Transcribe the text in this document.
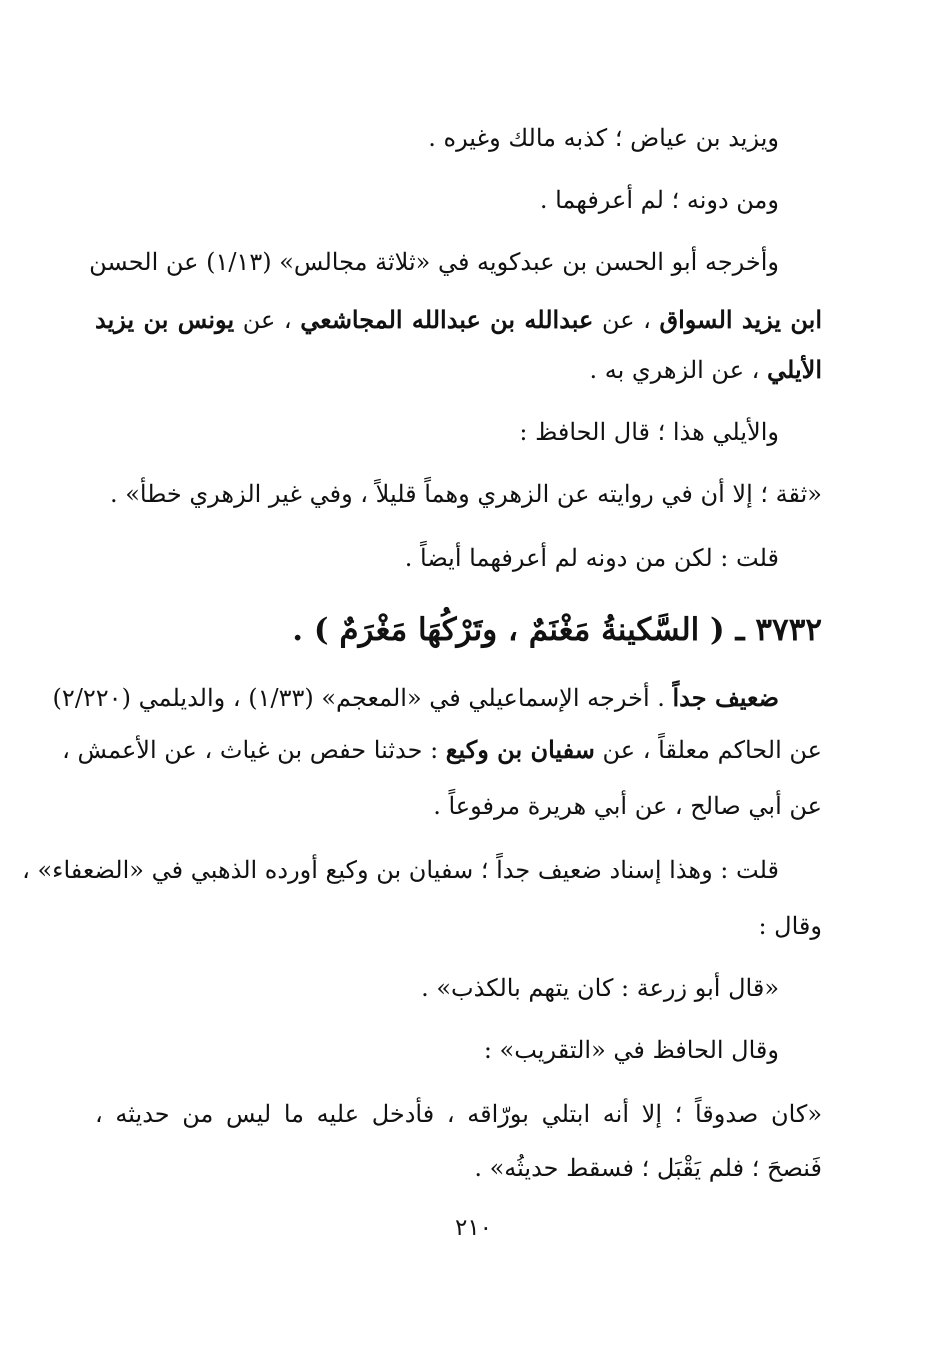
ويزيد بن عياض ؛ كذبه مالك وغيره .
ومن دونه ؛ لم أعرفهما .
وأخرجه أبو الحسن بن عبدكويه في «ثلاثة مجالس» (١/١٣) عن الحسن
ابن يزيد السواق ، عن عبدالله بن عبدالله المجاشعي ، عن يونس بن يزيد
الأيلي ، عن الزهري به .
والأيلي هذا ؛ قال الحافظ :
«ثقة ؛ إلا أن في روايته عن الزهري وهماً قليلاً ، وفي غير الزهري خطأ» .
قلت : لكن من دونه لم أعرفهما أيضاً .
٣٧٣٢ ـ ( السَّكينةُ مَغْنَمٌ ، وتَرْكُهَا مَغْرَمٌ ) .
ضعيف جداً . أخرجه الإسماعيلي في «المعجم» (١/٣٣) ، والديلمي (٢/٢٢٠)
عن الحاكم معلقاً ، عن سفيان بن وكيع : حدثنا حفص بن غياث ، عن الأعمش ،
عن أبي صالح ، عن أبي هريرة مرفوعاً .
قلت : وهذا إسناد ضعيف جداً ؛ سفيان بن وكيع أورده الذهبي في «الضعفاء» ،
وقال :
«قال أبو زرعة : كان يتهم بالكذب» .
وقال الحافظ في «التقريب» :
«كان صدوقاً ؛ إلا أنه ابتلي بورّاقه ، فأدخل عليه ما ليس من حديثه ،
فَنصحَ ؛ فلم يَقْبَل ؛ فسقط حديثُه» .
٢١٠
